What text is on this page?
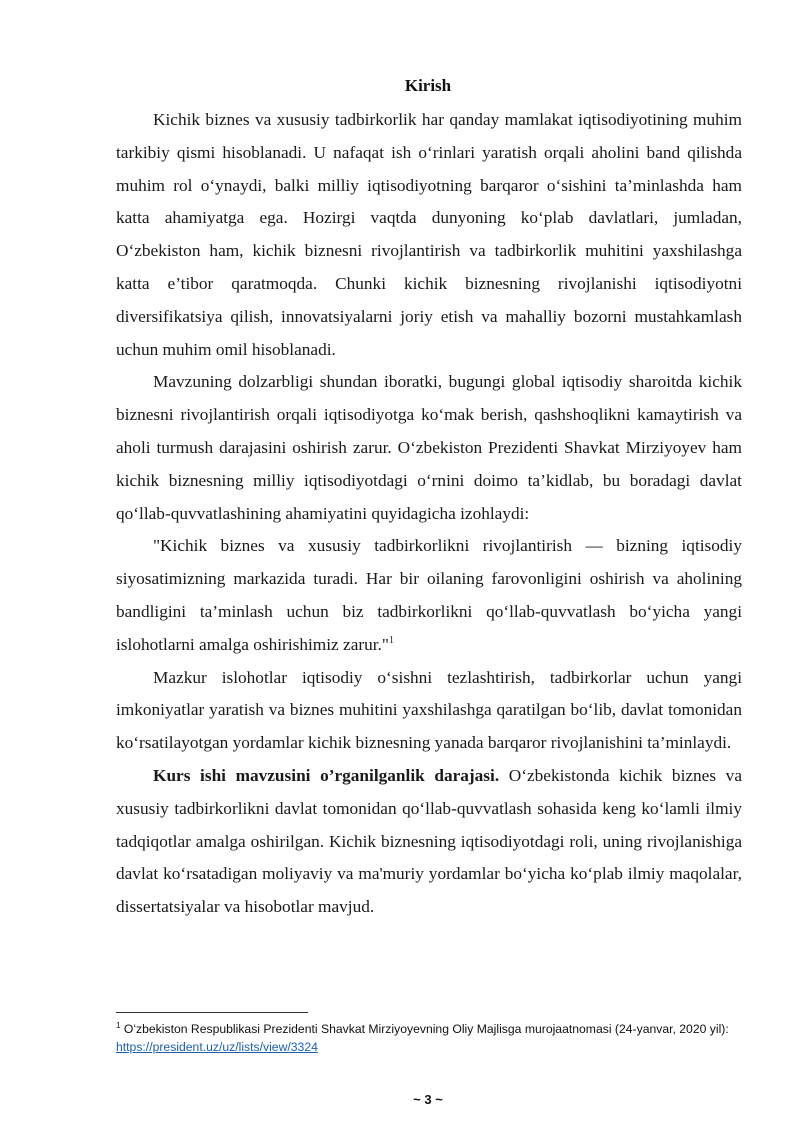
Kirish

Kichik biznes va xususiy tadbirkorlik har qanday mamlakat iqtisodiyotining muhim tarkibiy qismi hisoblanadi. U nafaqat ish o‘rinlari yaratish orqali aholini band qilishda muhim rol o‘ynaydi, balki milliy iqtisodiyotning barqaror o‘sishini ta’minlashda ham katta ahamiyatga ega. Hozirgi vaqtda dunyoning ko‘plab davlatlari, jumladan, O‘zbekiston ham, kichik biznesni rivojlantirish va tadbirkorlik muhitini yaxshilashga katta e’tibor qaratmoqda. Chunki kichik biznesning rivojlanishi iqtisodiyotni diversifikatsiya qilish, innovatsiyalarni joriy etish va mahalliy bozorni mustahkamlash uchun muhim omil hisoblanadi.

Mavzuning dolzarbligi shundan iboratki, bugungi global iqtisodiy sharoitda kichik biznesni rivojlantirish orqali iqtisodiyotga ko‘mak berish, qashshoqlikni kamaytirish va aholi turmush darajasini oshirish zarur. O‘zbekiston Prezidenti Shavkat Mirziyoyev ham kichik biznesning milliy iqtisodiyotdagi o‘rnini doimo ta’kidlab, bu boradagi davlat qo‘llab-quvvatlashining ahamiyatini quyidagicha izohlaydi:

"Kichik biznes va xususiy tadbirkorlikni rivojlantirish — bizning iqtisodiy siyosatimizning markazida turadi. Har bir oilaning farovonligini oshirish va aholining bandligini ta’minlash uchun biz tadbirkorlikni qo‘llab-quvvatlash bo‘yicha yangi islohotlarni amalga oshirishimiz zarur."$^1$

Mazkur islohotlar iqtisodiy o‘sishni tezlashtirish, tadbirkorlar uchun yangi imkoniyatlar yaratish va biznes muhitini yaxshilashga qaratilgan bo‘lib, davlat tomonidan ko‘rsatilayotgan yordamlar kichik biznesning yanada barqaror rivojlanishini ta’minlaydi.

Kurs ishi mavzusini o’rganilganlik darajasi. O‘zbekistonda kichik biznes va xususiy tadbirkorlikni davlat tomonidan qo‘llab-quvvatlash sohasida keng ko‘lamli ilmiy tadqiqotlar amalga oshirilgan. Kichik biznesning iqtisodiyotdagi roli, uning rivojlanishiga davlat ko‘rsatadigan moliyaviy va ma'muriy yordamlar bo‘yicha ko‘plab ilmiy maqolalar, dissertatsiyalar va hisobotlar mavjud.

$^1$ O‘zbekiston Respublikasi Prezidenti Shavkat Mirziyoyevning Oliy Majlisga murojaatnomasi (24-yanvar, 2020 yil): https://president.uz/uz/lists/view/3324
~ 3 ~
